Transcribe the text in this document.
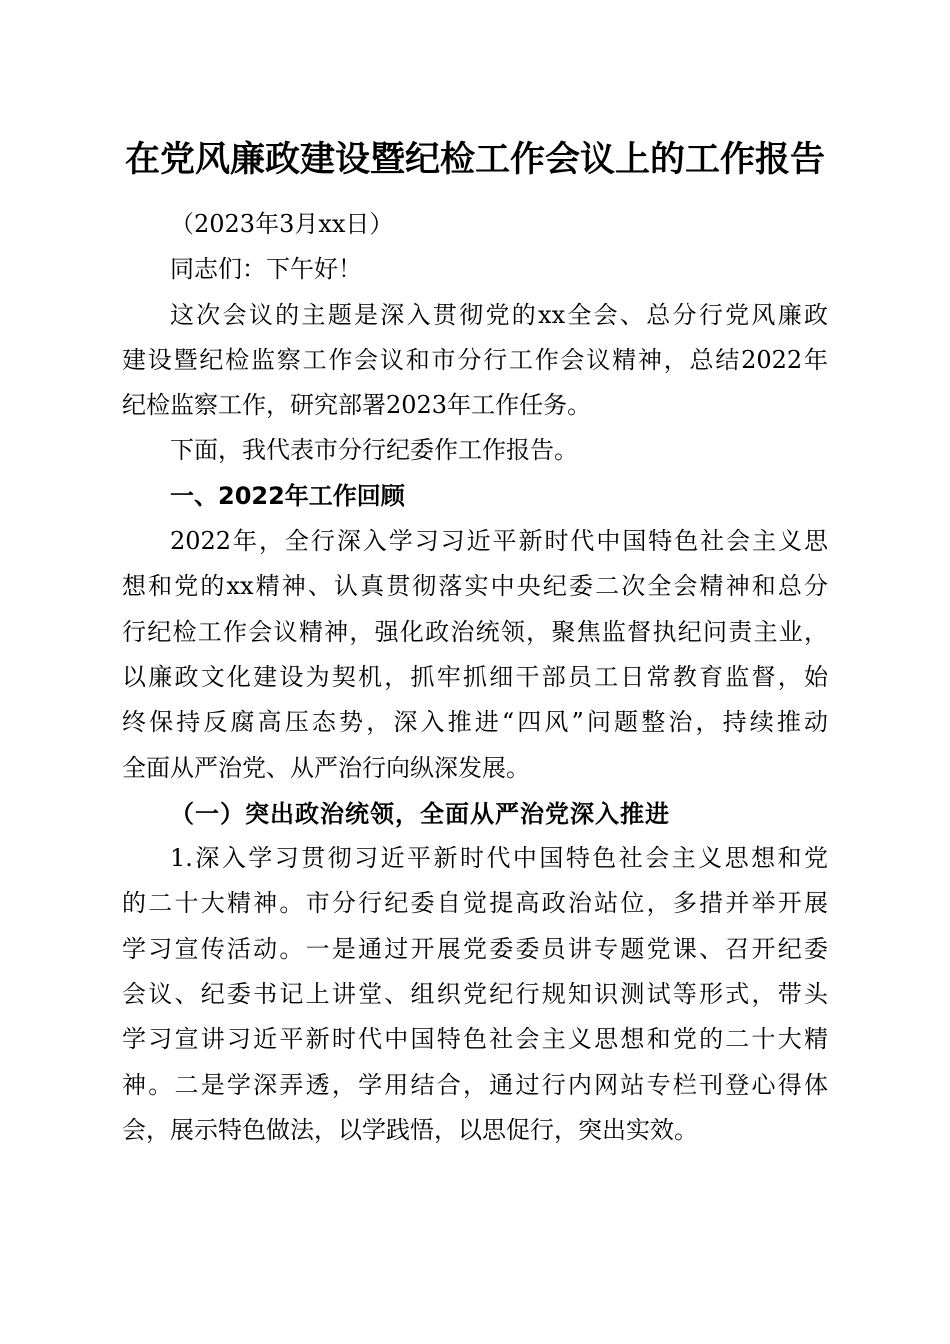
在党风廉政建设暨纪检工作会议上的工作报告
（2023年3月xx日）
同志们：下午好！
这次会议的主题是深入贯彻党的xx全会、总分行党风廉政
建设暨纪检监察工作会议和市分行工作会议精神，总结2022年
纪检监察工作，研究部署2023年工作任务。
下面，我代表市分行纪委作工作报告。
一、2022年工作回顾
2022年，全行深入学习习近平新时代中国特色社会主义思
想和党的xx精神、认真贯彻落实中央纪委二次全会精神和总分
行纪检工作会议精神，强化政治统领，聚焦监督执纪问责主业，
以廉政文化建设为契机，抓牢抓细干部员工日常教育监督，始
终保持反腐高压态势，深入推进“四风”问题整治，持续推动
全面从严治党、从严治行向纵深发展。
（一）突出政治统领，全面从严治党深入推进
1.深入学习贯彻习近平新时代中国特色社会主义思想和党
的二十大精神。市分行纪委自觉提高政治站位，多措并举开展
学习宣传活动。一是通过开展党委委员讲专题党课、召开纪委
会议、纪委书记上讲堂、组织党纪行规知识测试等形式，带头
学习宣讲习近平新时代中国特色社会主义思想和党的二十大精
神。二是学深弄透，学用结合，通过行内网站专栏刊登心得体
会，展示特色做法，以学践悟，以思促行，突出实效。
